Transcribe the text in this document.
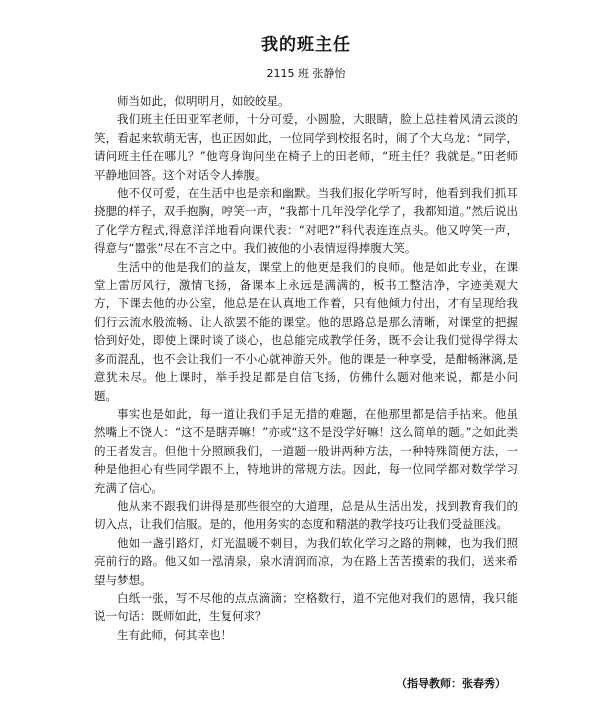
我的班主任
2115 班 张静怡

师当如此，似明明月，如皎皎星。

我们班主任田亚军老师，十分可爱，小圆脸，大眼睛，脸上总挂着风清云淡的笑，看起来软萌无害，也正因如此，一位同学到校报名时，闹了个大乌龙：“同学，请问班主任在哪儿？”他弯身询问坐在椅子上的田老师，“班主任？我就是。”田老师平静地回答。这个对话令人捧腹。

他不仅可爱，在生活中也是亲和幽默。当我们报化学听写时，他看到我们抓耳挠腮的样子，双手抱胸，哼笑一声，“我都十几年没学化学了，我都知道。”然后说出了化学方程式,得意洋洋地看向课代表：“对吧?”科代表连连点头。他又哼笑一声，得意与“嚣张”尽在不言之中。我们被他的小表情逗得捧腹大笑。

生活中的他是我们的益友，课堂上的他更是我们的良师。他是如此专业，在课堂上雷厉风行，激情飞扬，备课本上永远是满满的，板书工整洁净，字迹美观大方，下课去他的办公室，他总是在认真地工作着，只有他倾力付出，才有呈现给我们行云流水般流畅、让人欲罢不能的课堂。他的思路总是那么清晰，对课堂的把握恰到好处，即使上课时谈了谈心，也总能完成教学任务，既不会让我们觉得学得太多而混乱，也不会让我们一不小心就神游天外。他的课是一种享受，是酣畅淋漓,是意犹未尽。他上课时，举手投足都是自信飞扬，仿佛什么题对他来说，都是小问题。

事实也是如此，每一道让我们手足无措的难题，在他那里都是信手拈来。他虽然嘴上不饶人：“这不是瞎弄嘛！”亦或“这不是没学好嘛！这么简单的题。”之如此类的王者发言。但他十分照顾我们，一道题一般讲两种方法，一种特殊简便方法，一种是他担心有些同学跟不上，特地讲的常规方法。因此，每一位同学都对数学学习充满了信心。

他从来不跟我们讲得是那些很空的大道理，总是从生活出发，找到教育我们的切入点，让我们信服。是的，他用务实的态度和精湛的教学技巧让我们受益匪浅。

他如一盏引路灯，灯光温暖不刺目，为我们软化学习之路的荆棘，也为我们照亮前行的路。他又如一泓清泉，泉水清润而凉，为在路上苦苦摸索的我们，送来希望与梦想。

白纸一张，写不尽他的点点滴滴；空格数行，道不完他对我们的恩情，我只能说一句话：既师如此，生复何求？

生有此师，何其幸也！

（指导教师：张春秀）
